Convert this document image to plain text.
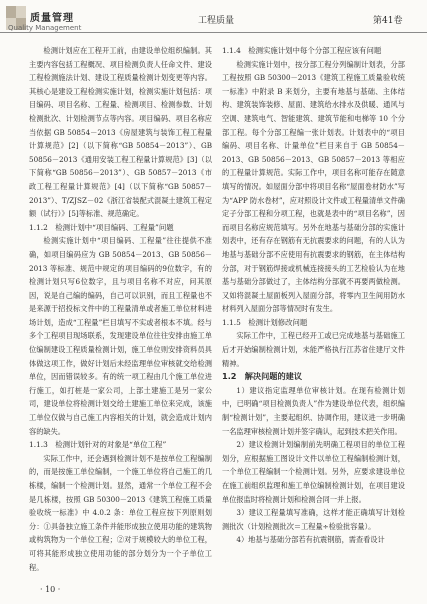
质量管理
Quality Management
工程质量	第41卷

检测计划应在工程开工前，由建设单位组织编制。其主要内容包括工程概况、项目检测负责人任命文件、建设工程检测施法计划、建设工程质量检测计划变更等内容。其核心是建设工程检测实施计划，检测实施计划包括：项目编码、项目名称、工程量、检测项目、检测参数、计划检测批次、计划检测节点等内容。项目编码、项目名称应当依据 GB 50854－2013《房屋建筑与装饰工程工程量计算规范》[2]（以下简称“GB 50854－2013”）、GB 50856－2013《通用安装工程工程量计算规范》[3]（以下简称“GB 50856－2013”）、GB 50857－2013《市政工程工程量计算规范》[4]（以下简称“GB 50857－2013”）、T/ZJSZ－02《浙江省装配式混凝土建筑工程定额（试行）》[5]等标准、规范确定。

1.1.2　检测计划中“项目编码、工程量”问题

检测实施计划中“项目编码、工程量”往往提供不准确，如项目编码应为 GB 50854－2013、GB 50856－2013 等标准、规范中规定的项目编码的9位数字，有的检测计划只写6位数字，且与项目名称不对应，问其原因，说是自己编的编码，自己可以识别，而且工程量也不是来源于招投标文件中的工程量清单或者施工单位材料进场计划，造成“工程量”栏目填写不实或者根本不填。经与多个工程项目现场联系，发现建设单位往往安排由施工单位编制建设工程质量检测计划，施工单位则安排资料员具体做这项工作，做好计划后未经监理单位审核就交给检测单位，因而错误较多。有的统一项工程由几个施工单位进行施工，如打桩是一家公司，上部土建施工是另一家公司，建设单位将检测计划交给土建施工单位来完成，该施工单位仅做与自己施工内容相关的计划，就会造成计划内容的缺失。

1.1.3　检测计划针对的对象是“单位工程”

实际工作中，还会遇到检测计划不是按单位工程编制的，而是按施工单位编制，一个施工单位将自己施工的几栋楼，编制一个检测计划。显然，通常一个单位工程不会是几栋楼，按照 GB 50300－2013《建筑工程施工质量验收统一标准》中 4.0.2 条：单位工程应按下列原则划分：①具备独立施工条件并能形成独立使用功能的建筑物或构筑物为一个单位工程；②对于规模较大的单位工程，可将其能形成独立使用功能的部分划分为一个子单位工程。

1.1.4　检测实施计划中每个分部工程应该有问题

检测实施计划中，按分部工程分列编制计划表，分部工程按照 GB 50300－2013《建筑工程施工质量验收统一标准》中附录 B 来划分，主要有地基与基础、主体结构、建筑装饰装修、屋面、建筑给水排水及供暖、通风与空调、建筑电气、智能建筑、建筑节能和电梯等 10 个分部工程。每个分部工程编一张计划表。计划表中的“项目编码、项目名称、计量单位”栏目来自于 GB 50854－2013、GB 50856－2013、GB 50857－2013 等相应的工程量计算规范。实际工作中，项目名称可能存在随意填写的情况。如屋面分部中将项目名称“屋面卷材防水”写为“APP 防水卷材”，应对照设计文件或工程量清单文件确定子分部工程和分项工程，也就是表中的“项目名称”，因而项目名称应规范填写。另外在地基与基础分部的实施计划表中，还有存在钢筋有无抗震要求的问题，有的人认为地基与基础分部不应使用有抗震要求的钢筋，在主体结构分部，对于钢筋焊接或机械连接接头的工艺检验认为在地基与基础分部做过了，主体结构分部就不再要两做检测。又如将混凝土屋面板列入屋面分部，将零内卫生间用防水材料列入屋面分部等情况时有发生。

1.1.5　检测计划修改问题

实际工作中，工程已经开工或已完成地基与基础施工后才开始编制检测计划，未能严格执行江苏省住建厅文件精神。

1.2　解决问题的建议

1）建议指定监理单位审核计划。在现有检测计划中，已明确“项目检测负责人”作为建设单位代表，组织编制“检测计划”，主要起组织、协调作用，建议进一步明确一名监理审核检测计划并签字确认，起到技术把关作用。

2）建议检测计划编制前先明确工程项目的单位工程划分，应根据施工图设计文件以单位工程编制检测计划，一个单位工程编制一个检测计划。另外，应要求建设单位在施工前组织监理和施工单位编制检测计划，在项目建设单位报监时将检测计划和检测合同一并上报。

3）建议工程量填写准确，这样才能正确填写计划检测批次（计划检测批次＝工程量÷检验批容量）。

4）地基与基础分部若有抗震钢筋，需查看设计

· 10 ·
